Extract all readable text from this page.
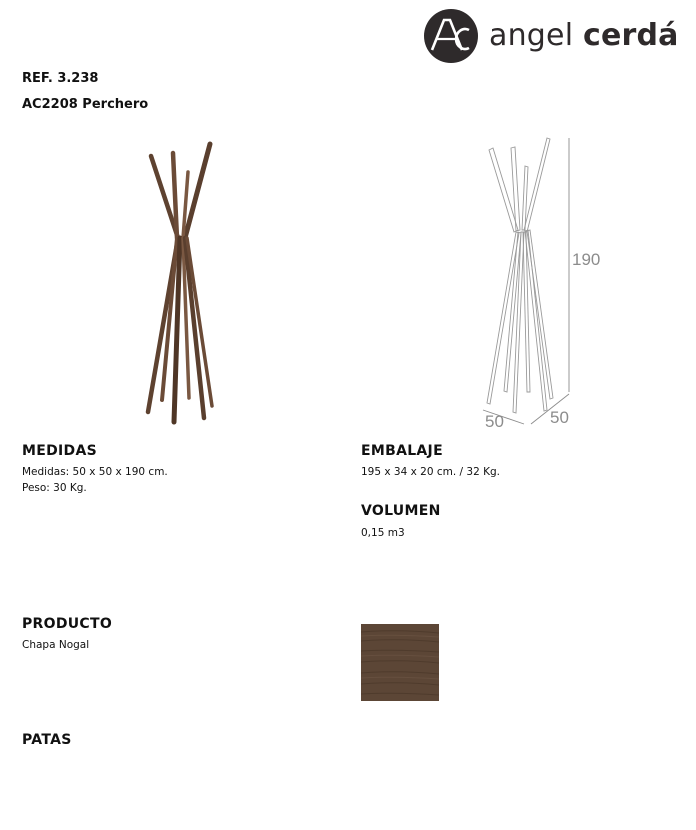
angel cerdá
REF. 3.238
AC2208 Perchero
190
50	50
MEDIDAS
Medidas: 50 x 50 x 190 cm.
Peso: 30 Kg.
EMBALAJE
195 x 34 x 20 cm. / 32 Kg.
VOLUMEN
0,15 m3
PRODUCTO
Chapa Nogal
PATAS
